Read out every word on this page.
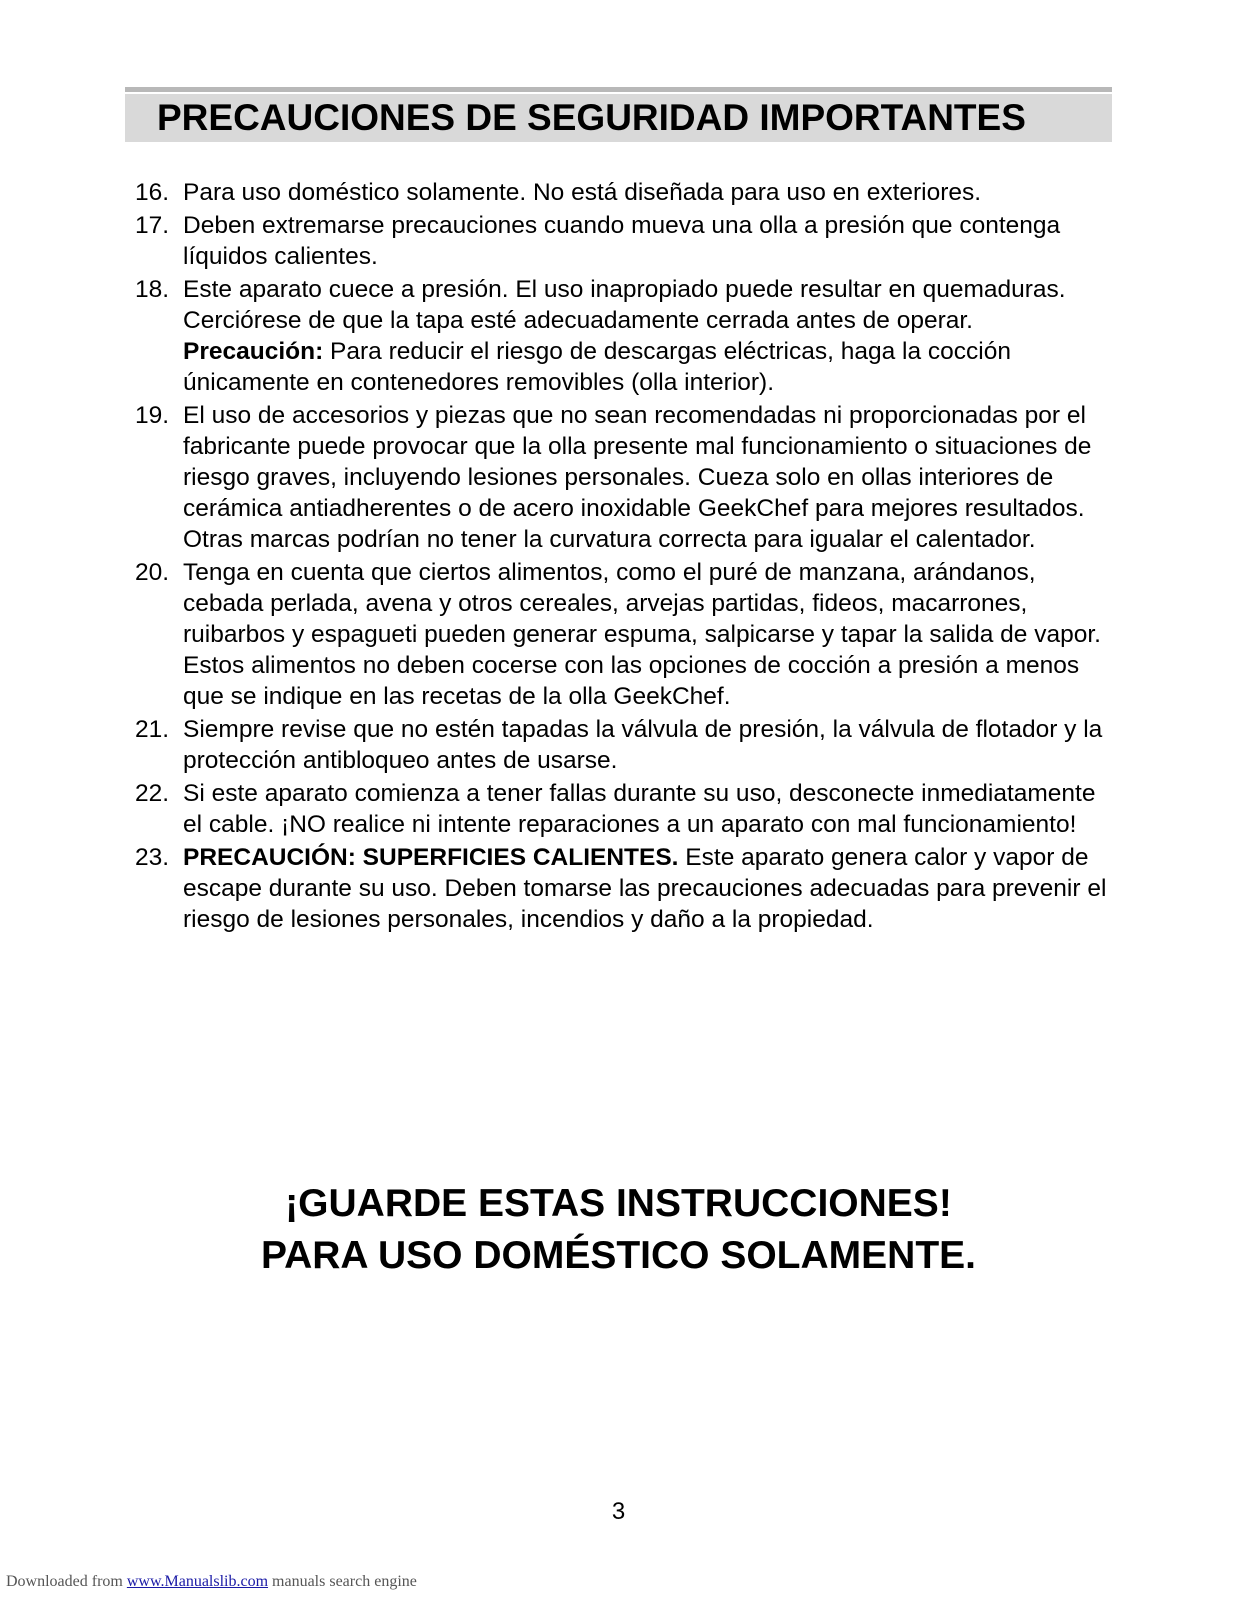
PRECAUCIONES DE SEGURIDAD IMPORTANTES
16. Para uso doméstico solamente. No está diseñada para uso en exteriores.
17. Deben extremarse precauciones cuando mueva una olla a presión que contenga líquidos calientes.
18. Este aparato cuece a presión. El uso inapropiado puede resultar en quemaduras. Cerciórese de que la tapa esté adecuadamente cerrada antes de operar. Precaución: Para reducir el riesgo de descargas eléctricas, haga la cocción únicamente en contenedores removibles (olla interior).
19. El uso de accesorios y piezas que no sean recomendadas ni proporcionadas por el fabricante puede provocar que la olla presente mal funcionamiento o situaciones de riesgo graves, incluyendo lesiones personales. Cueza solo en ollas interiores de cerámica antiadherentes o de acero inoxidable GeekChef para mejores resultados. Otras marcas podrían no tener la curvatura correcta para igualar el calentador.
20. Tenga en cuenta que ciertos alimentos, como el puré de manzana, arándanos, cebada perlada, avena y otros cereales, arvejas partidas, fideos, macarrones, ruibarbos y espagueti pueden generar espuma, salpicarse y tapar la salida de vapor. Estos alimentos no deben cocerse con las opciones de cocción a presión a menos que se indique en las recetas de la olla GeekChef.
21. Siempre revise que no estén tapadas la válvula de presión, la válvula de flotador y la protección antibloqueo antes de usarse.
22. Si este aparato comienza a tener fallas durante su uso, desconecte inmediatamente el cable. ¡NO realice ni intente reparaciones a un aparato con mal funcionamiento!
23. PRECAUCIÓN: SUPERFICIES CALIENTES. Este aparato genera calor y vapor de escape durante su uso. Deben tomarse las precauciones adecuadas para prevenir el riesgo de lesiones personales, incendios y daño a la propiedad.
¡GUARDE ESTAS INSTRUCCIONES!
PARA USO DOMÉSTICO SOLAMENTE.
3
Downloaded from www.Manualslib.com manuals search engine
